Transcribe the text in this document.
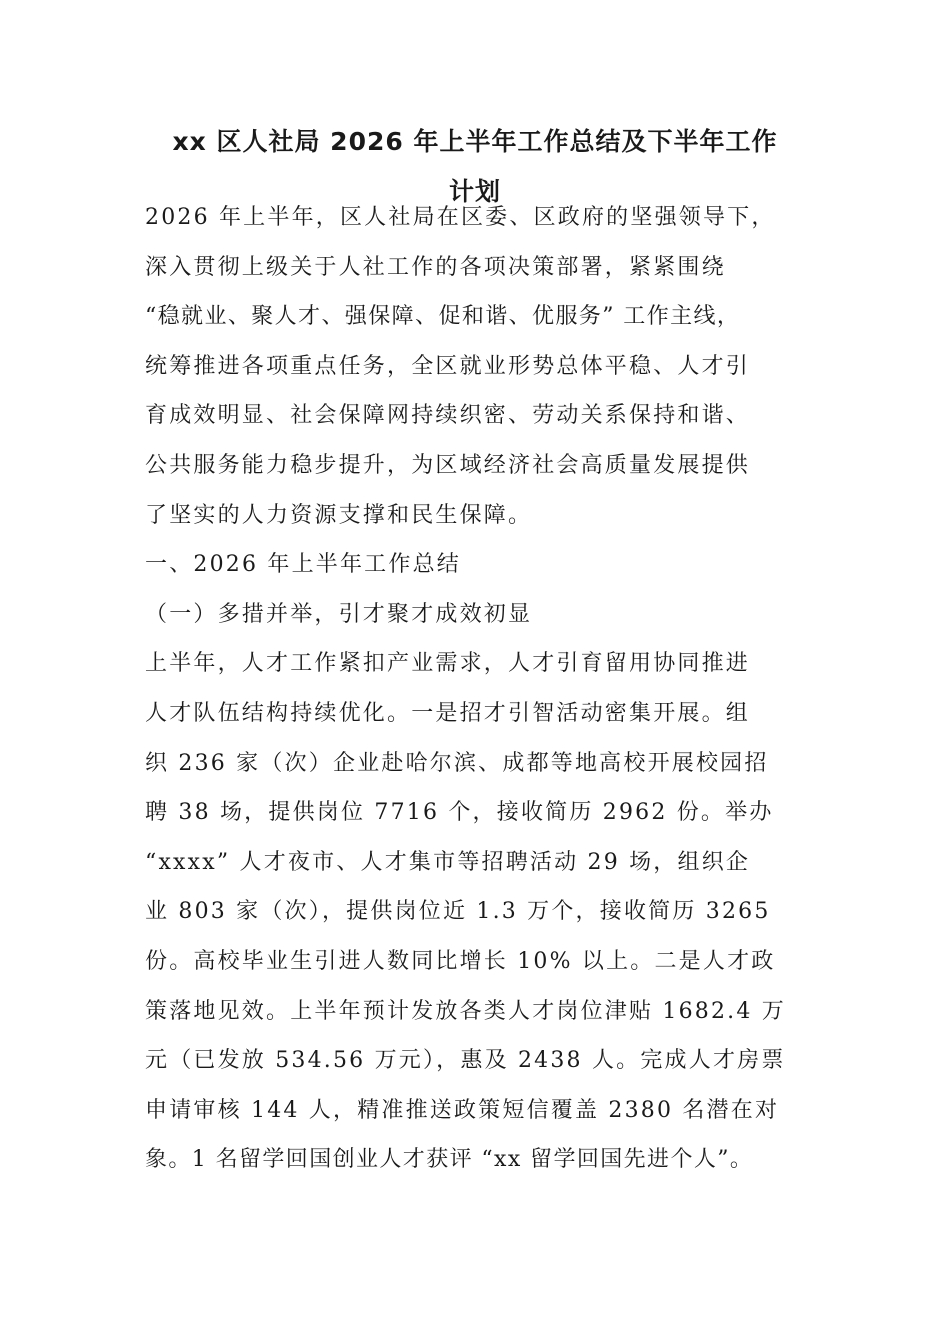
xx 区人社局 2026 年上半年工作总结及下半年工作
计划

2026 年上半年，区人社局在区委、区政府的坚强领导下，

深入贯彻上级关于人社工作的各项决策部署，紧紧围绕

“稳就业、聚人才、强保障、促和谐、优服务” 工作主线，

统筹推进各项重点任务，全区就业形势总体平稳、人才引

育成效明显、社会保障网持续织密、劳动关系保持和谐、

公共服务能力稳步提升，为区域经济社会高质量发展提供

了坚实的人力资源支撑和民生保障。

一、2026 年上半年工作总结

（一）多措并举，引才聚才成效初显

上半年，人才工作紧扣产业需求，人才引育留用协同推进

人才队伍结构持续优化。一是招才引智活动密集开展。组

织 236 家（次）企业赴哈尔滨、成都等地高校开展校园招

聘 38 场，提供岗位 7716 个，接收简历 2962 份。举办

“xxxx” 人才夜市、人才集市等招聘活动 29 场，组织企

业 803 家（次），提供岗位近 1.3 万个，接收简历 3265

份。高校毕业生引进人数同比增长 10% 以上。二是人才政

策落地见效。上半年预计发放各类人才岗位津贴 1682.4 万

元（已发放 534.56 万元），惠及 2438 人。完成人才房票

申请审核 144 人，精准推送政策短信覆盖 2380 名潜在对

象。1 名留学回国创业人才获评 “xx 留学回国先进个人”。
